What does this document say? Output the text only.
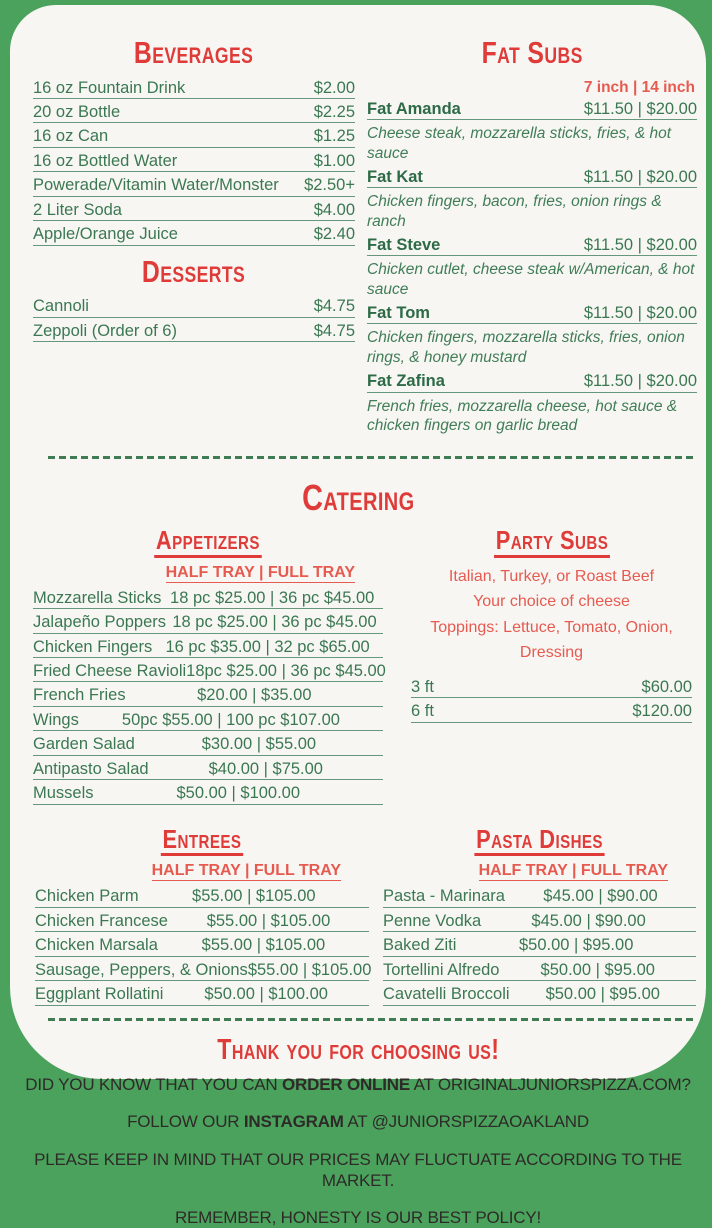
Beverages
16 oz Fountain Drink	$2.00
20 oz Bottle	$2.25
16 oz Can	$1.25
16 oz Bottled Water	$1.00
Powerade/Vitamin Water/Monster $2.50+
2 Liter Soda	$4.00
Apple/Orange Juice	$2.40
Desserts
Cannoli	$4.75
Zeppoli (Order of 6)	$4.75
Fat Subs
7 inch | 14 inch
Fat Amanda	$11.50 | $20.00
Cheese steak, mozzarella sticks, fries, & hot sauce
Fat Kat	$11.50 | $20.00
Chicken fingers, bacon, fries, onion rings & ranch
Fat Steve	$11.50 | $20.00
Chicken cutlet, cheese steak w/American, & hot sauce
Fat Tom	$11.50 | $20.00
Chicken fingers, mozzarella sticks, fries, onion rings, & honey mustard
Fat Zafina	$11.50 | $20.00
French fries, mozzarella cheese, hot sauce & chicken fingers on garlic bread
Catering
Appetizers
HALF TRAY | FULL TRAY
Mozzarella Sticks 18 pc $25.00 | 36 pc $45.00
Jalapeño Poppers 18 pc $25.00 | 36 pc $45.00
Chicken Fingers 16 pc $35.00 | 32 pc $65.00
Fried Cheese Ravioli 18pc $25.00 | 36 pc $45.00
French Fries	$20.00 | $35.00
Wings	50pc $55.00 | 100 pc $107.00
Garden Salad	$30.00 | $55.00
Antipasto Salad	$40.00 | $75.00
Mussels	$50.00 | $100.00
Party Subs
Italian, Turkey, or Roast Beef
Your choice of cheese
Toppings: Lettuce, Tomato, Onion, Dressing
3 ft	$60.00
6 ft	$120.00
Entrees
HALF TRAY | FULL TRAY
Chicken Parm	$55.00 | $105.00
Chicken Francese	$55.00 | $105.00
Chicken Marsala	$55.00 | $105.00
Sausage, Peppers, & Onions $55.00 | $105.00
Eggplant Rollatini	$50.00 | $100.00
Pasta Dishes
HALF TRAY | FULL TRAY
Pasta - Marinara	$45.00 | $90.00
Penne Vodka	$45.00 | $90.00
Baked Ziti	$50.00 | $95.00
Tortellini Alfredo	$50.00 | $95.00
Cavatelli Broccoli	$50.00 | $95.00
Thank you for choosing us!
DID YOU KNOW THAT YOU CAN ORDER ONLINE AT ORIGINALJUNIORSPIZZA.COM?
FOLLOW OUR INSTAGRAM AT @JUNIORSPIZZAOAKLAND
PLEASE KEEP IN MIND THAT OUR PRICES MAY FLUCTUATE ACCORDING TO THE MARKET.
REMEMBER, HONESTY IS OUR BEST POLICY!
